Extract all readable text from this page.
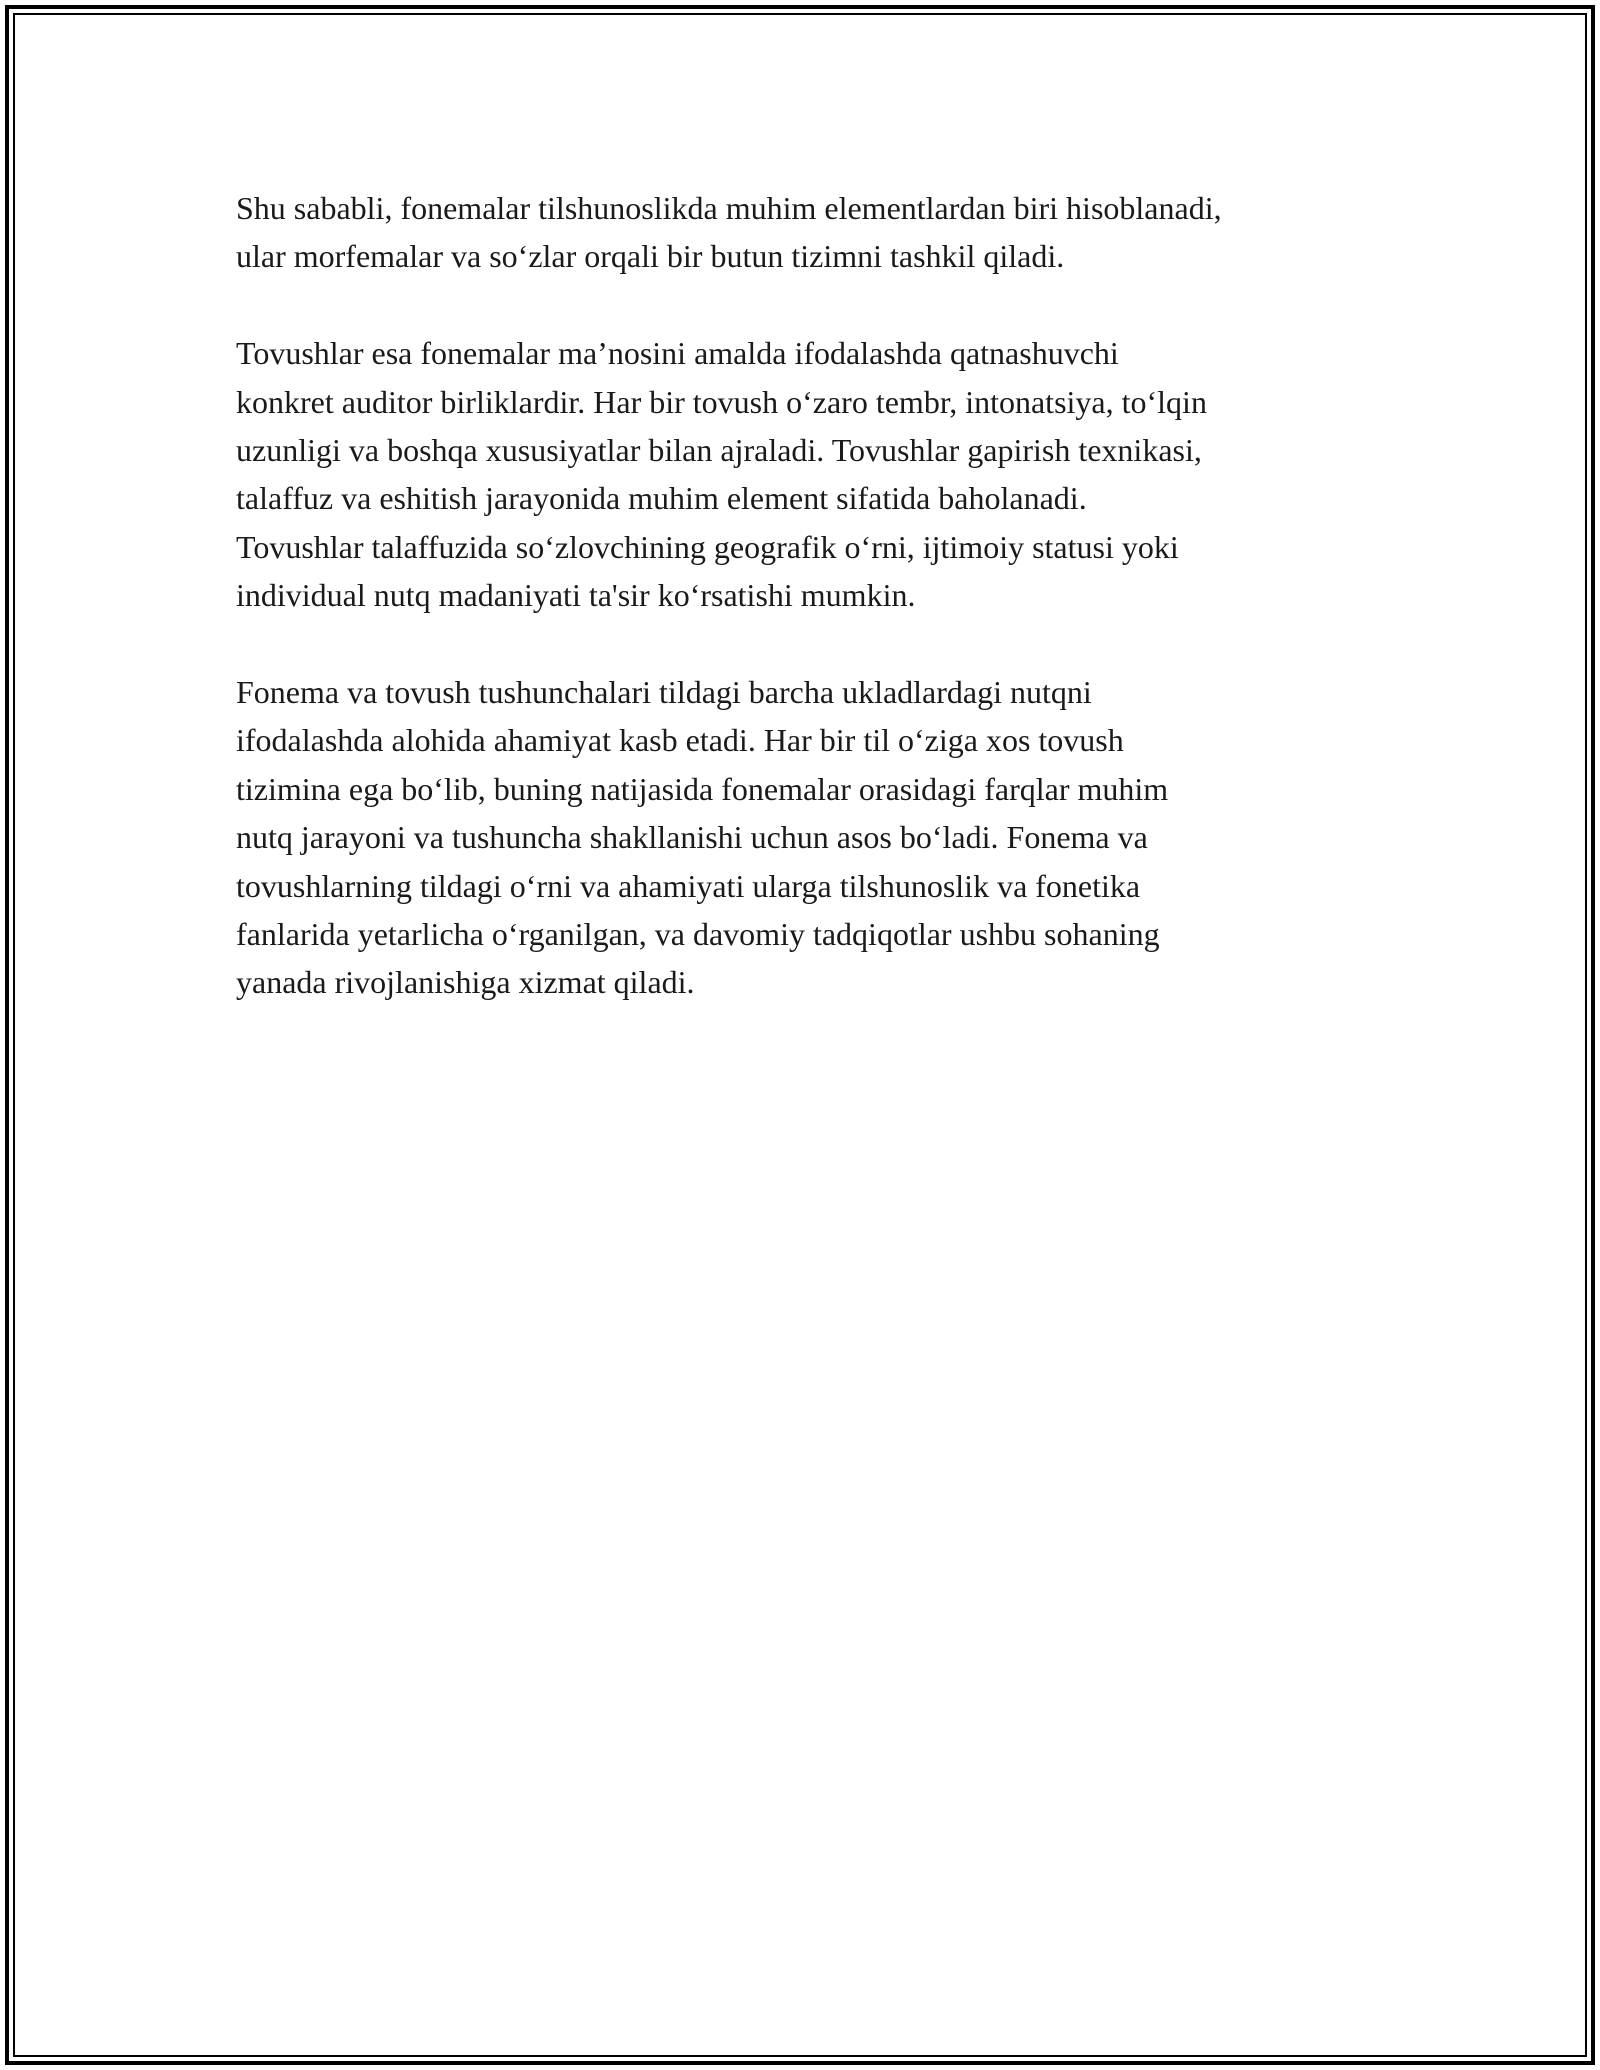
Shu sababli, fonemalar tilshunoslikda muhim elementlardan biri hisoblanadi,
ular morfemalar va so‘zlar orqali bir butun tizimni tashkil qiladi.

Tovushlar esa fonemalar ma’nosini amalda ifodalashda qatnashuvchi
konkret auditor birliklardir. Har bir tovush o‘zaro tembr, intonatsiya, to‘lqin
uzunligi va boshqa xususiyatlar bilan ajraladi. Tovushlar gapirish texnikasi,
talaffuz va eshitish jarayonida muhim element sifatida baholanadi.
Tovushlar talaffuzida so‘zlovchining geografik o‘rni, ijtimoiy statusi yoki
individual nutq madaniyati ta'sir ko‘rsatishi mumkin.

Fonema va tovush tushunchalari tildagi barcha ukladlardagi nutqni
ifodalashda alohida ahamiyat kasb etadi. Har bir til o‘ziga xos tovush
tizimina ega bo‘lib, buning natijasida fonemalar orasidagi farqlar muhim
nutq jarayoni va tushuncha shakllanishi uchun asos bo‘ladi. Fonema va
tovushlarning tildagi o‘rni va ahamiyati ularga tilshunoslik va fonetika
fanlarida yetarlicha o‘rganilgan, va davomiy tadqiqotlar ushbu sohaning
yanada rivojlanishiga xizmat qiladi.
